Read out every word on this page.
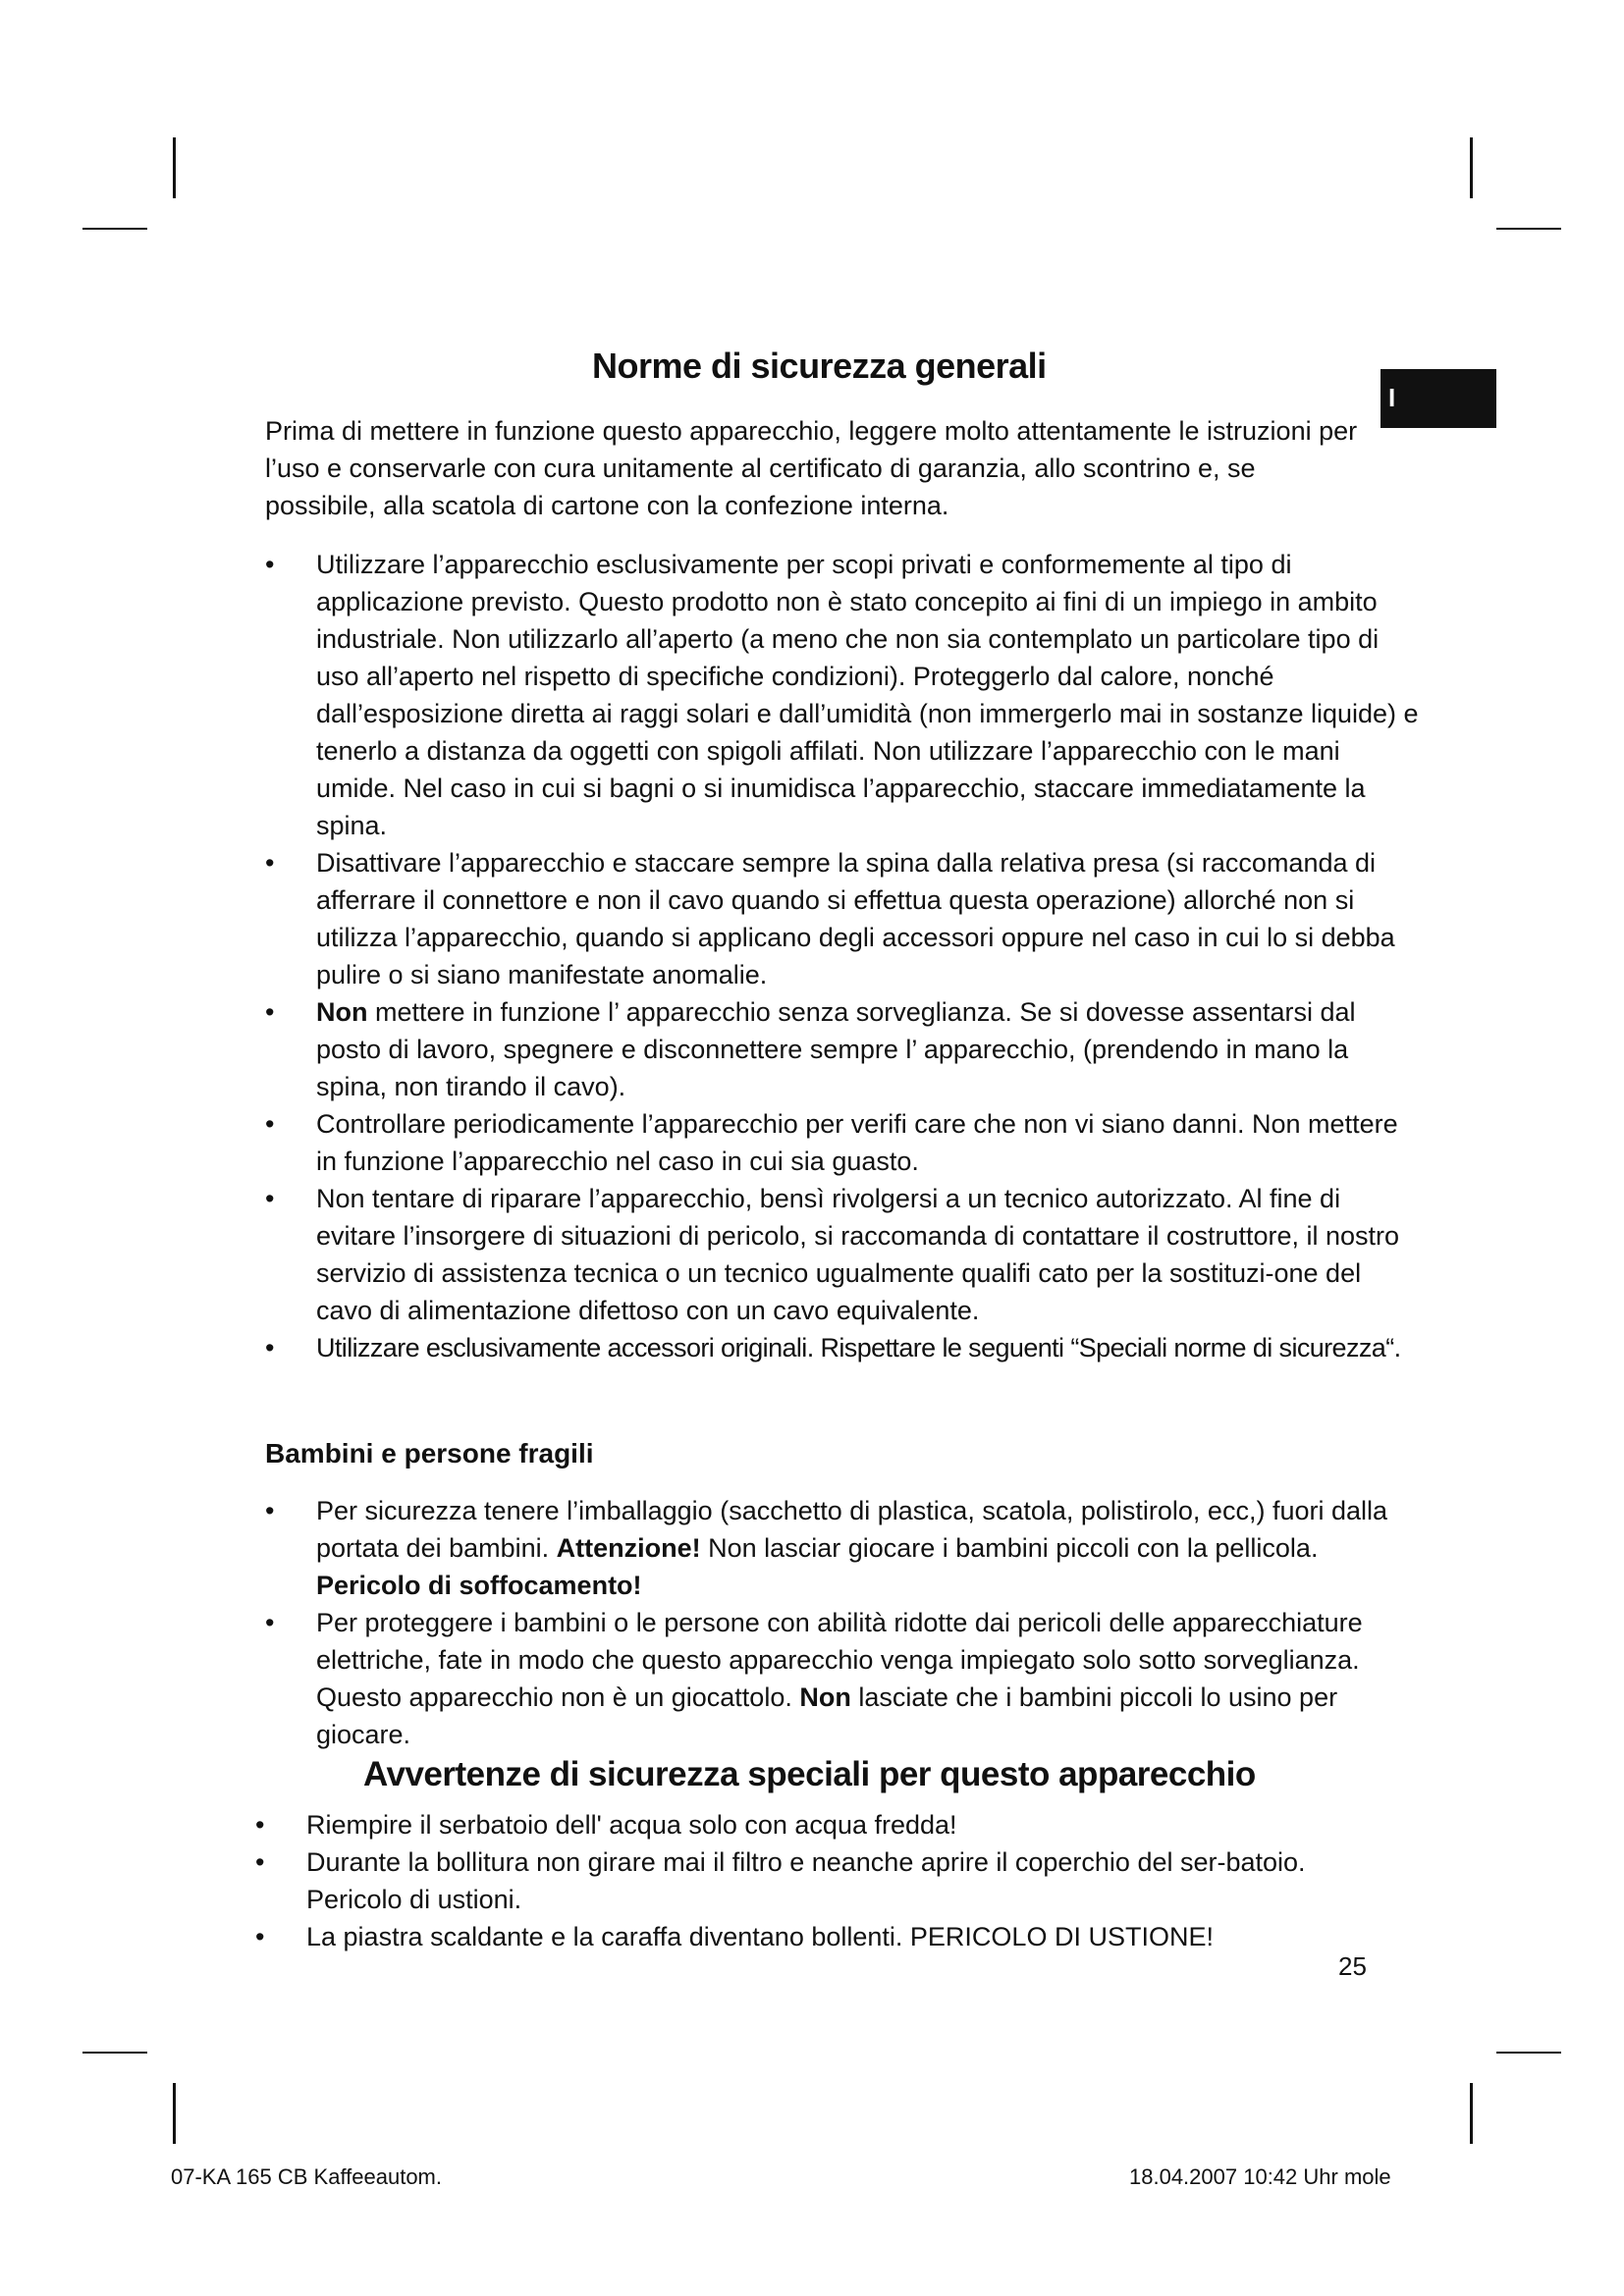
I
Norme di sicurezza generali
Prima di mettere in funzione questo apparecchio, leggere molto attentamente le istruzioni per l’uso e conservarle con cura unitamente al certificato di garanzia, allo scontrino e, se possibile, alla scatola di cartone con la confezione interna.
• Utilizzare l’apparecchio esclusivamente per scopi privati e conformemente al tipo di applicazione previsto. Questo prodotto non è stato concepito ai fini di un impiego in ambito industriale. Non utilizzarlo all’aperto (a meno che non sia contemplato un particolare tipo di uso all’aperto nel rispetto di specifiche condizioni). Proteggerlo dal calore, nonché dall’esposizione diretta ai raggi solari e dall’umidità (non immergerlo mai in sostanze liquide) e tenerlo a distanza da oggetti con spigoli affilati. Non utilizzare l’apparecchio con le mani umide. Nel caso in cui si bagni o si inumidisca l’apparecchio, staccare immediatamente la spina.
• Disattivare l’apparecchio e staccare sempre la spina dalla relativa presa (si raccomanda di afferrare il connettore e non il cavo quando si effettua questa operazione) allorché non si utilizza l’apparecchio, quando si applicano degli accessori oppure nel caso in cui lo si debba pulire o si siano manifestate anomalie.
• Non mettere in funzione l’ apparecchio senza sorveglianza. Se si dovesse assentarsi dal posto di lavoro, spegnere e disconnettere sempre l’ apparecchio, (prendendo in mano la spina, non tirando il cavo).
• Controllare periodicamente l’apparecchio per verifi care che non vi siano danni. Non mettere in funzione l’apparecchio nel caso in cui sia guasto.
• Non tentare di riparare l’apparecchio, bensì rivolgersi a un tecnico autorizzato. Al fine di evitare l’insorgere di situazioni di pericolo, si raccomanda di contattare il costruttore, il nostro servizio di assistenza tecnica o un tecnico ugualmente qualifi cato per la sostituzi-one del cavo di alimentazione difettoso con un cavo equivalente.
• Utilizzare esclusivamente accessori originali. Rispettare le seguenti “Speciali norme di sicurezza“.
Bambini e persone fragili
• Per sicurezza tenere l’imballaggio (sacchetto di plastica, scatola, polistirolo, ecc,) fuori dalla portata dei bambini. Attenzione! Non lasciar giocare i bambini piccoli con la pellicola. Pericolo di soffocamento!
• Per proteggere i bambini o le persone con abilità ridotte dai pericoli delle apparecchiature elettriche, fate in modo che questo apparecchio venga impiegato solo sotto sorveglianza. Questo apparecchio non è un giocattolo. Non lasciate che i bambini piccoli lo usino per giocare.
Avvertenze di sicurezza speciali per questo apparecchio
• Riempire il serbatoio dell' acqua solo con acqua fredda!
• Durante la bollitura non girare mai il filtro e neanche aprire il coperchio del ser-batoio. Pericolo di ustioni.
• La piastra scaldante e la caraffa diventano bollenti. PERICOLO DI USTIONE!
25
07-KA 165 CB Kaffeeautom.	18.04.2007 10:42 Uhr mole
